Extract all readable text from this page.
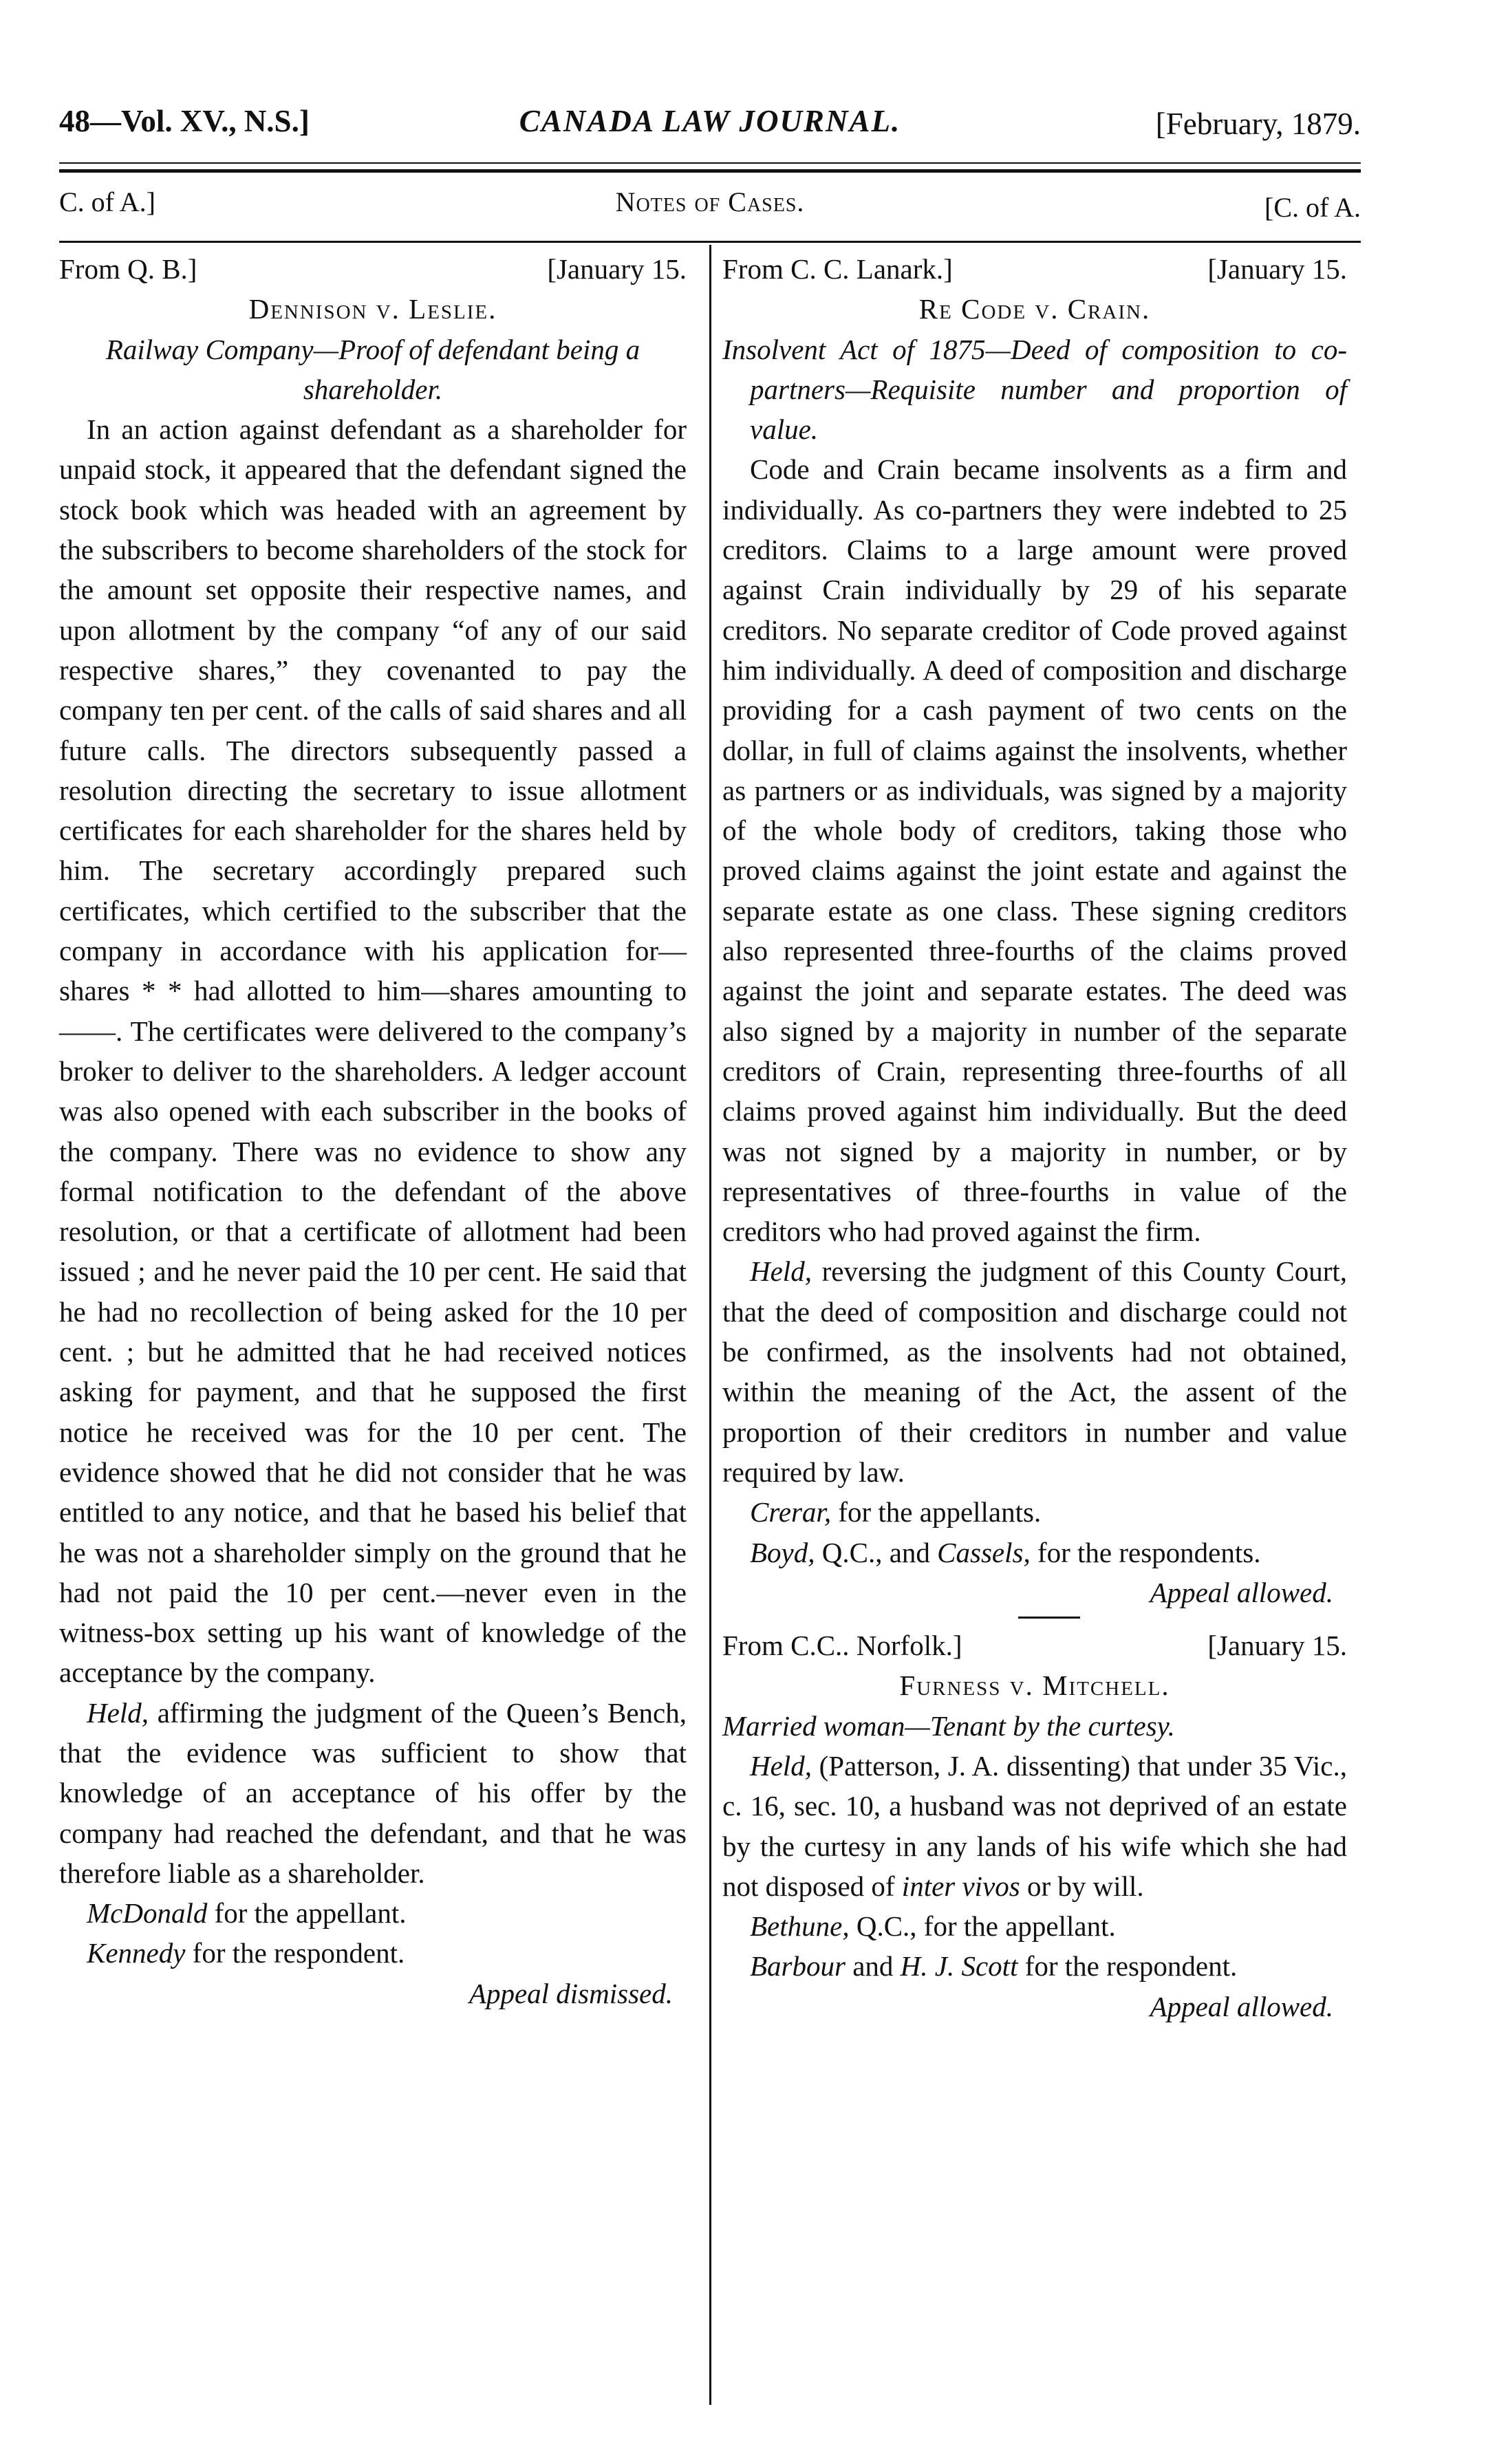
48—Vol. XV., N.S.]	CANADA LAW JOURNAL.	[February, 1879.
C. of A.]	Notes of Cases.	[C. of A.
From Q. B.]	[January 15.
Dennison v. Leslie.
Railway Company—Proof of defendant being a shareholder.

In an action against defendant as a shareholder for unpaid stock, it appeared that the defendant signed the stock book which was headed with an agreement by the subscribers to become shareholders of the stock for the amount set opposite their respective names, and upon allotment by the company “of any of our said respective shares,” they covenanted to pay the company ten per cent. of the calls of said shares and all future calls. The directors subsequently passed a resolution directing the secretary to issue allotment certificates for each shareholder for the shares held by him. The secretary accordingly prepared such certificates, which certified to the subscriber that the company in accordance with his application for—shares * * had allotted to him—shares amounting to ——. The certificates were delivered to the company’s broker to deliver to the shareholders. A ledger account was also opened with each subscriber in the books of the company. There was no evidence to show any formal notification to the defendant of the above resolution, or that a certificate of allotment had been issued ; and he never paid the 10 per cent. He said that he had no recollection of being asked for the 10 per cent. ; but he admitted that he had received notices asking for payment, and that he supposed the first notice he received was for the 10 per cent. The evidence showed that he did not consider that he was entitled to any notice, and that he based his belief that he was not a shareholder simply on the ground that he had not paid the 10 per cent.—never even in the witness-box setting up his want of knowledge of the acceptance by the company.

Held, affirming the judgment of the Queen’s Bench, that the evidence was sufficient to show that knowledge of an acceptance of his offer by the company had reached the defendant, and that he was therefore liable as a shareholder.

McDonald for the appellant.
Kennedy for the respondent.
Appeal dismissed.
From C. C. Lanark.]	[January 15.
Re Code v. Crain.
Insolvent Act of 1875—Deed of composition to co-partners—Requisite number and proportion of value.

Code and Crain became insolvents as a firm and individually. As co-partners they were indebted to 25 creditors. Claims to a large amount were proved against Crain individually by 29 of his separate creditors. No separate creditor of Code proved against him individually. A deed of composition and discharge providing for a cash payment of two cents on the dollar, in full of claims against the insolvents, whether as partners or as individuals, was signed by a majority of the whole body of creditors, taking those who proved claims against the joint estate and against the separate estate as one class. These signing creditors also represented three-fourths of the claims proved against the joint and separate estates. The deed was also signed by a majority in number of the separate creditors of Crain, representing three-fourths of all claims proved against him individually. But the deed was not signed by a majority in number, or by representatives of three-fourths in value of the creditors who had proved against the firm.

Held, reversing the judgment of this County Court, that the deed of composition and discharge could not be confirmed, as the insolvents had not obtained, within the meaning of the Act, the assent of the proportion of their creditors in number and value required by law.

Crerar, for the appellants.
Boyd, Q.C., and Cassels, for the respondents.
Appeal allowed.
From C.C.. Norfolk.]	[January 15.
Furness v. Mitchell.
Married woman—Tenant by the curtesy.

Held, (Patterson, J. A. dissenting) that under 35 Vic., c. 16, sec. 10, a husband was not deprived of an estate by the curtesy in any lands of his wife which she had not disposed of inter vivos or by will.

Bethune, Q.C., for the appellant.
Barbour and H. J. Scott for the respondent.
Appeal allowed.
